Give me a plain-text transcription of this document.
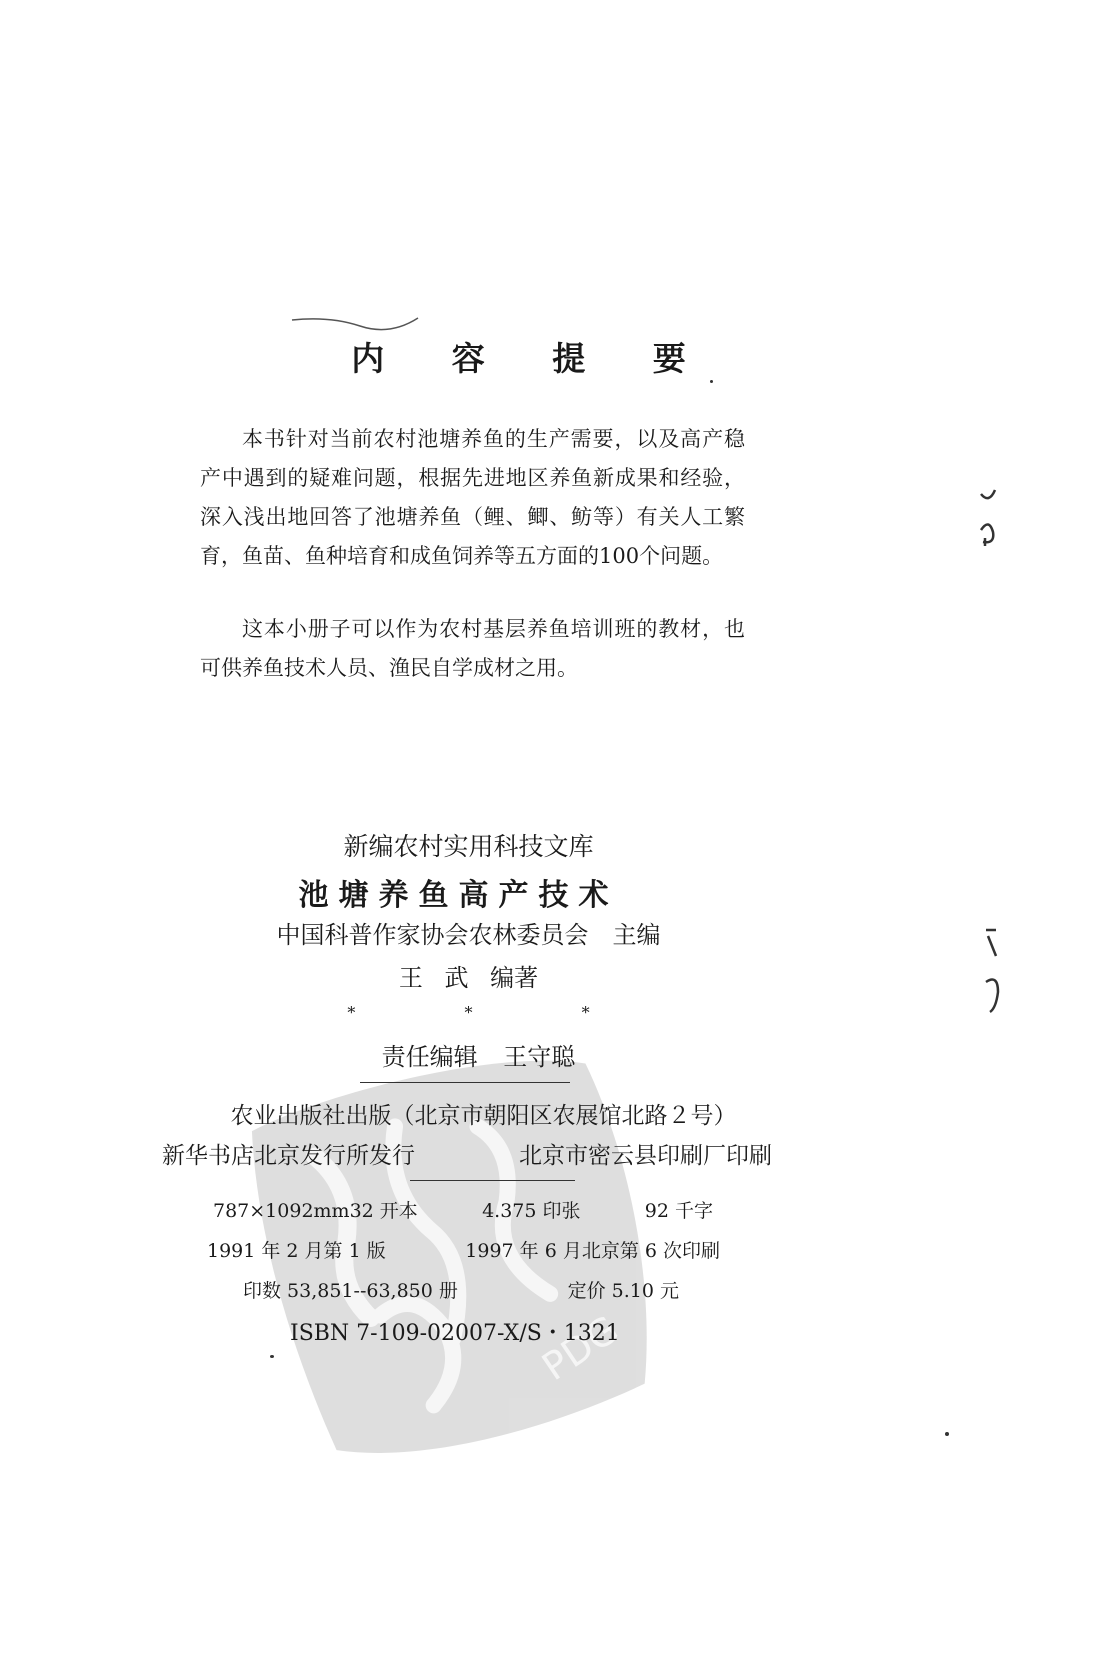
PDG
内 容 提 要
本书针对当前农村池塘养鱼的生产需要，以及高产稳产中遇到的疑难问题，根据先进地区养鱼新成果和经验，深入浅出地回答了池塘养鱼（鲤、鲫、鲂等）有关人工繁育，鱼苗、鱼种培育和成鱼饲养等五方面的100个问题。
这本小册子可以作为农村基层养鱼培训班的教材，也可供养鱼技术人员、渔民自学成材之用。
新编农村实用科技文库
池塘养鱼高产技术
中国科普作家协会农林委员会　主编
王 武 编著
* * *
责任编辑 王守聪
农业出版社出版（北京市朝阳区农展馆北路２号）
新华书店北京发行所发行	北京市密云县印刷厂印刷
787×1092mm32 开本	4.375 印张	92 千字
1991 年 2 月第 1 版	1997 年 6 月北京第 6 次印刷
印数 53,851--63,850 册	定价 5.10 元
ISBN 7-109-02007-X/S・1321
